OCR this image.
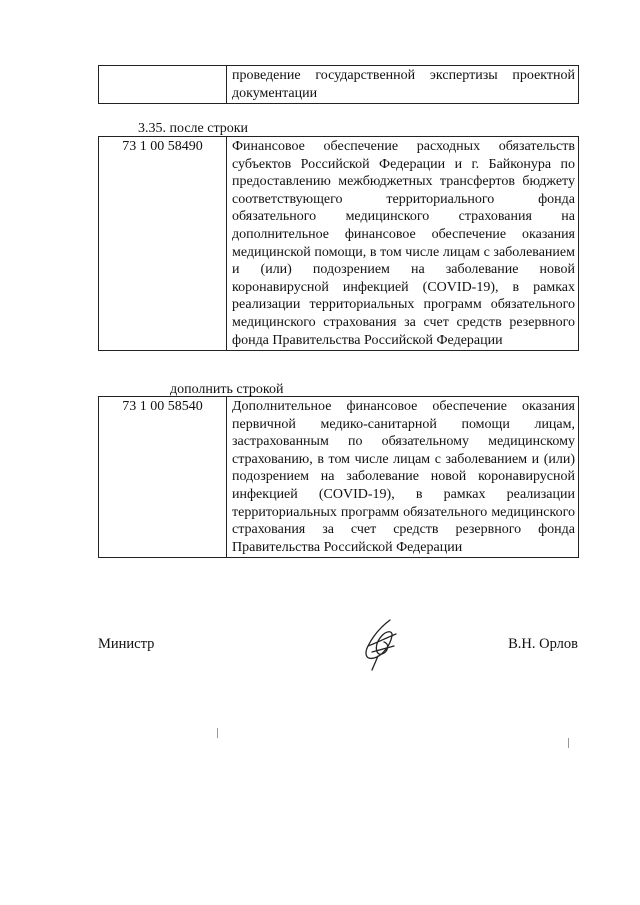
	проведение государственной экспертизы проектной документации
3.35. после строки
73 1 00 58490	Финансовое обеспечение расходных обязательств субъектов Российской Федерации и г. Байконура по предоставлению межбюджетных трансфертов бюджету соответствующего территориального фонда обязательного медицинского страхования на дополнительное финансовое обеспечение оказания медицинской помощи, в том числе лицам с заболеванием и (или) подозрением на заболевание новой коронавирусной инфекцией (COVID-19), в рамках реализации территориальных программ обязательного медицинского страхования за счет средств резервного фонда Правительства Российской Федерации
дополнить строкой
73 1 00 58540	Дополнительное финансовое обеспечение оказания первичной медико-санитарной помощи лицам, застрахованным по обязательному медицинскому страхованию, в том числе лицам с заболеванием и (или) подозрением на заболевание новой коронавирусной инфекцией (COVID-19), в рамках реализации территориальных программ обязательного медицинского страхования за счет средств резервного фонда Правительства Российской Федерации
Министр	В.Н. Орлов
